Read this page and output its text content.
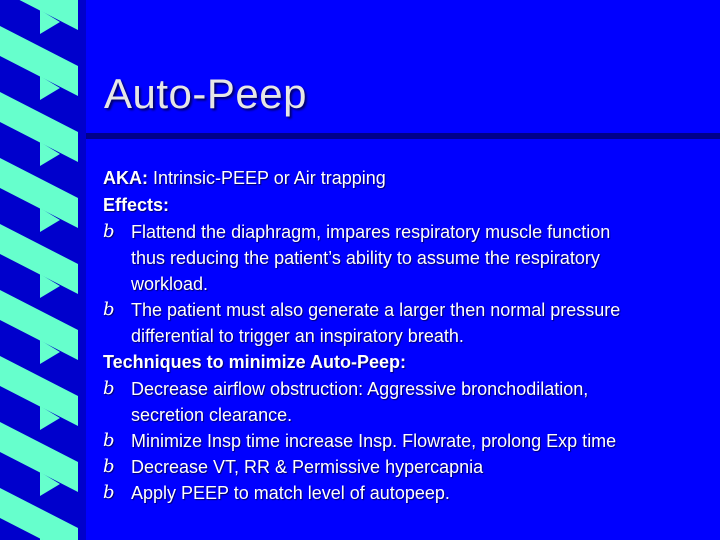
Auto-Peep
AKA: Intrinsic-PEEP or Air trapping
Effects:
b Flattend the diaphragm, impares respiratory muscle function
thus reducing the patient’s ability to assume the respiratory
workload.
b The patient must also generate a larger then normal pressure
differential to trigger an inspiratory breath.
Techniques to minimize Auto-Peep:
b Decrease airflow obstruction: Aggressive bronchodilation,
secretion clearance.
b Minimize Insp time increase Insp. Flowrate, prolong Exp time
b Decrease VT, RR & Permissive hypercapnia
b Apply PEEP to match level of autopeep.
